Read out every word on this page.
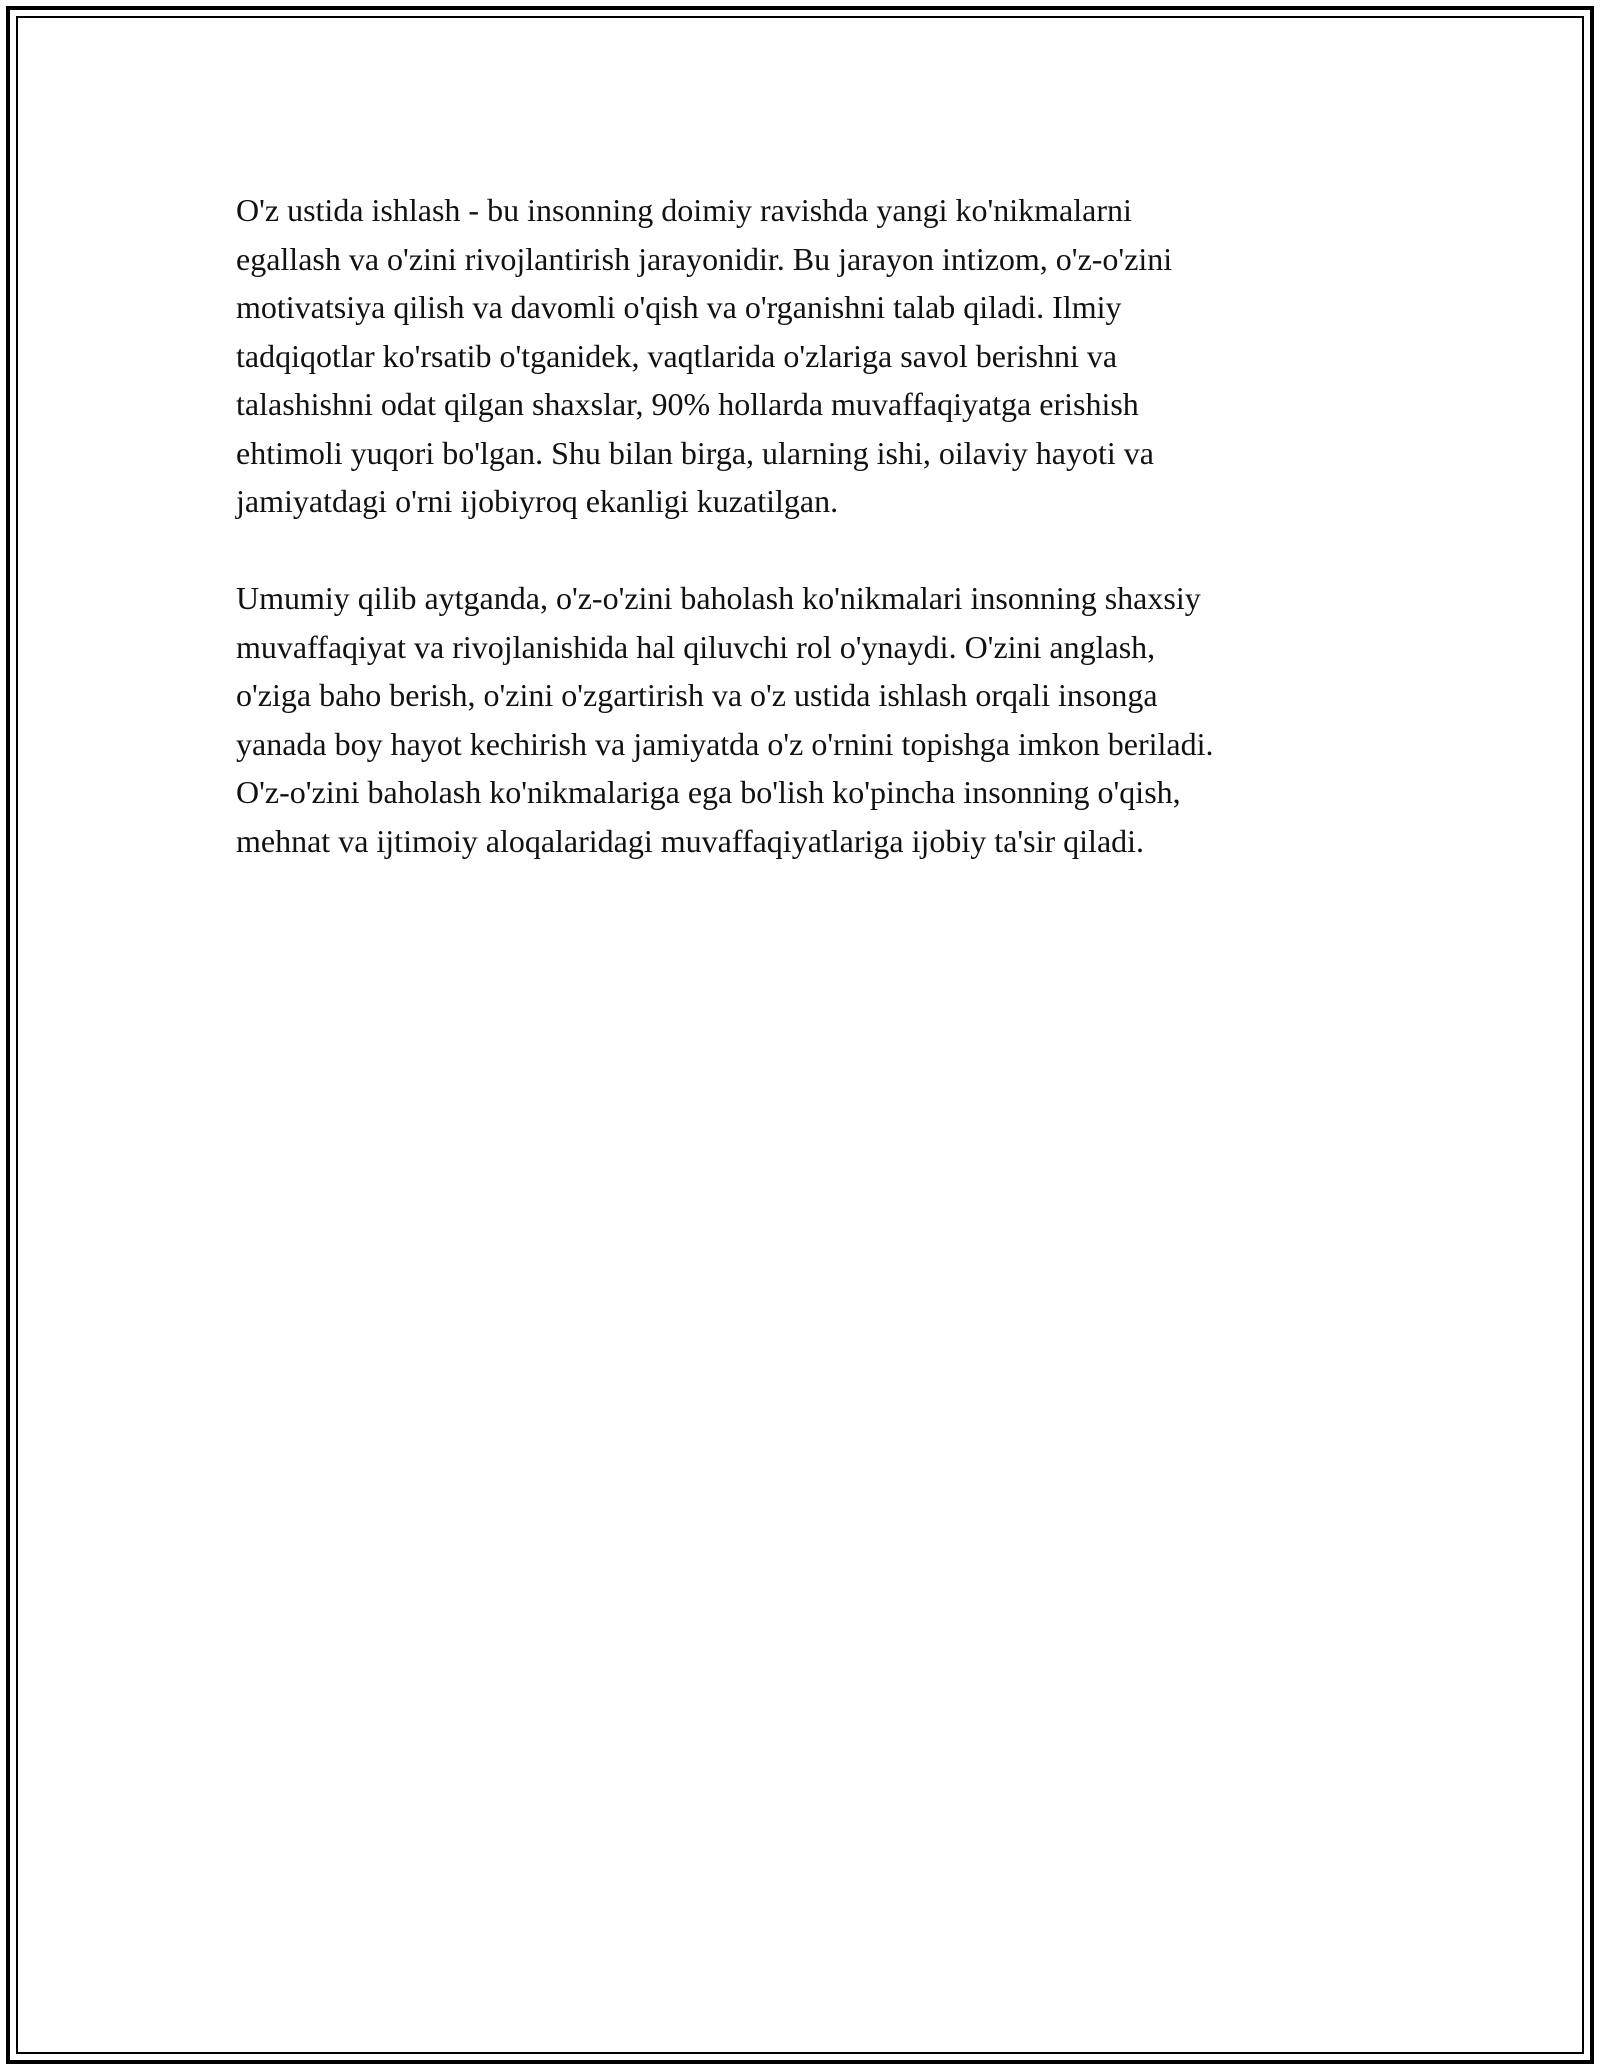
O'z ustida ishlash - bu insonning doimiy ravishda yangi ko'nikmalarni
egallash va o'zini rivojlantirish jarayonidir. Bu jarayon intizom, o'z-o'zini
motivatsiya qilish va davomli o'qish va o'rganishni talab qiladi. Ilmiy
tadqiqotlar ko'rsatib o'tganidek, vaqtlarida o'zlariga savol berishni va
talashishni odat qilgan shaxslar, 90% hollarda muvaffaqiyatga erishish
ehtimoli yuqori bo'lgan. Shu bilan birga, ularning ishi, oilaviy hayoti va
jamiyatdagi o'rni ijobiyroq ekanligi kuzatilgan.

Umumiy qilib aytganda, o'z-o'zini baholash ko'nikmalari insonning shaxsiy
muvaffaqiyat va rivojlanishida hal qiluvchi rol o'ynaydi. O'zini anglash,
o'ziga baho berish, o'zini o'zgartirish va o'z ustida ishlash orqali insonga
yanada boy hayot kechirish va jamiyatda o'z o'rnini topishga imkon beriladi.
O'z-o'zini baholash ko'nikmalariga ega bo'lish ko'pincha insonning o'qish,
mehnat va ijtimoiy aloqalaridagi muvaffaqiyatlariga ijobiy ta'sir qiladi.
